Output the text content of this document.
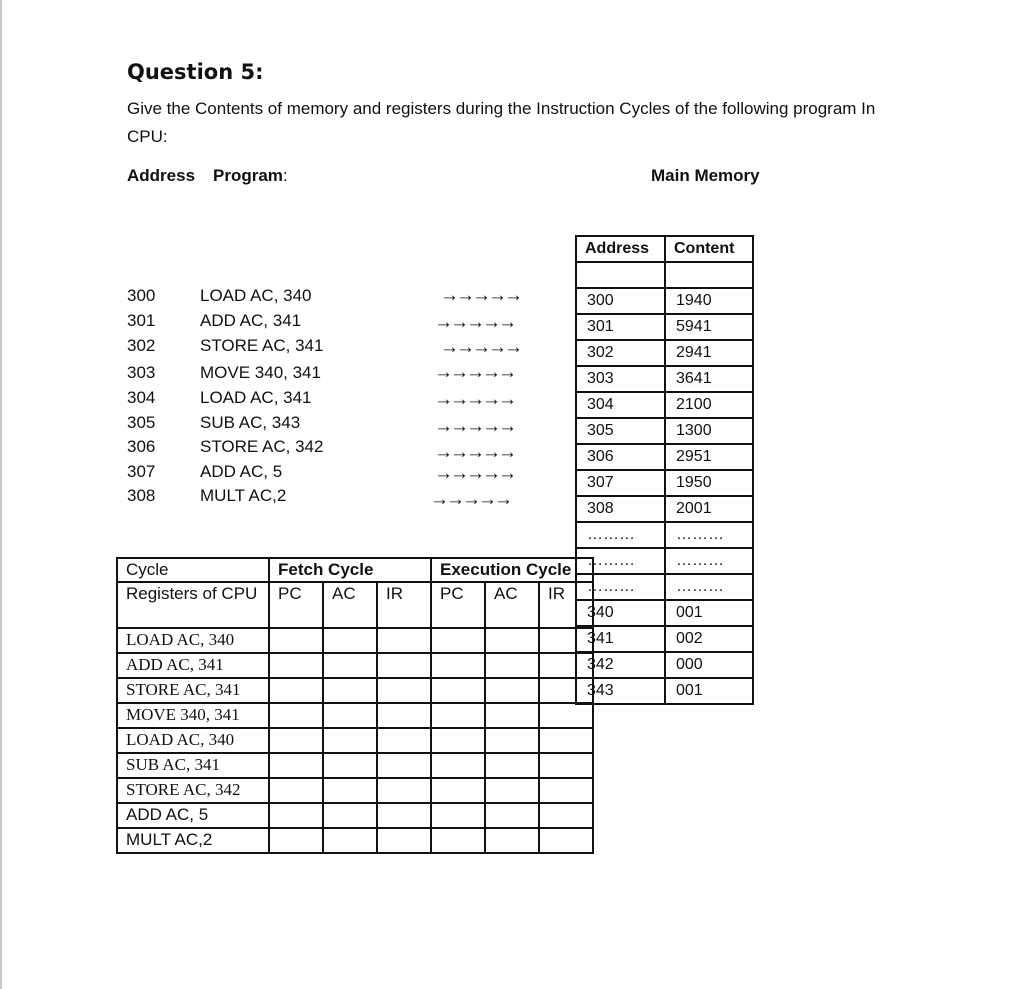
Question 5:
Give the Contents of memory and registers during the Instruction Cycles of the following program In CPU:
Address Program:	Main Memory
300	LOAD AC, 340	→→→→→
301	ADD AC, 341	→→→→→
302	STORE AC, 341	→→→→→
303	MOVE 340, 341	→→→→→
304	LOAD AC, 341	→→→→→
305	SUB AC, 343	→→→→→
306	STORE AC, 342	→→→→→
307	ADD AC, 5	→→→→→
308	MULT AC,2	→→→→→
Address	Content

300	1940
301	5941
302	2941
303	3641
304	2100
305	1300
306	2951
307	1950
308	2001
………	………
………	………
………	………
340	001
341	002
342	000
343	001
Cycle	Fetch Cycle			Execution Cycle		
Registers of CPU	PC	AC	IR	PC	AC	IR
LOAD AC, 340						
ADD AC, 341						
STORE AC, 341						
MOVE 340, 341						
LOAD AC, 340						
SUB AC, 341						
STORE AC, 342						
ADD AC, 5						
MULT AC,2						
